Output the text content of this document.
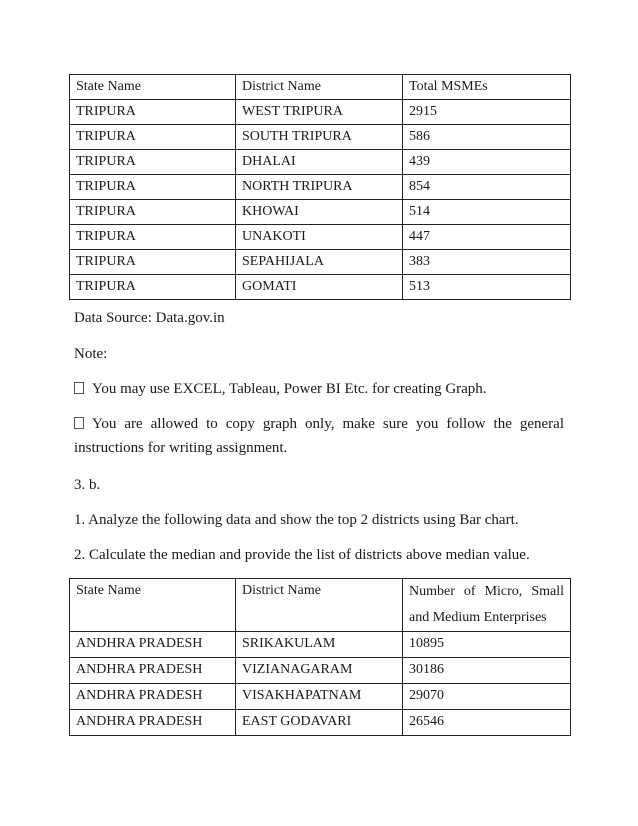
State Name	District Name	Total MSMEs
TRIPURA	WEST TRIPURA	2915
TRIPURA	SOUTH TRIPURA	586
TRIPURA	DHALAI	439
TRIPURA	NORTH TRIPURA	854
TRIPURA	KHOWAI	514
TRIPURA	UNAKOTI	447
TRIPURA	SEPAHIJALA	383
TRIPURA	GOMATI	513
Data Source: Data.gov.in
Note:
You may use EXCEL, Tableau, Power BI Etc. for creating Graph.
You are allowed to copy graph only, make sure you follow the general instructions for writing assignment.
3. b.
1. Analyze the following data and show the top 2 districts using Bar chart.
2. Calculate the median and provide the list of districts above median value.
State Name	District Name	Number of Micro, Small and Medium Enterprises
ANDHRA PRADESH	SRIKAKULAM	10895
ANDHRA PRADESH	VIZIANAGARAM	30186
ANDHRA PRADESH	VISAKHAPATNAM	29070
ANDHRA PRADESH	EAST GODAVARI	26546
